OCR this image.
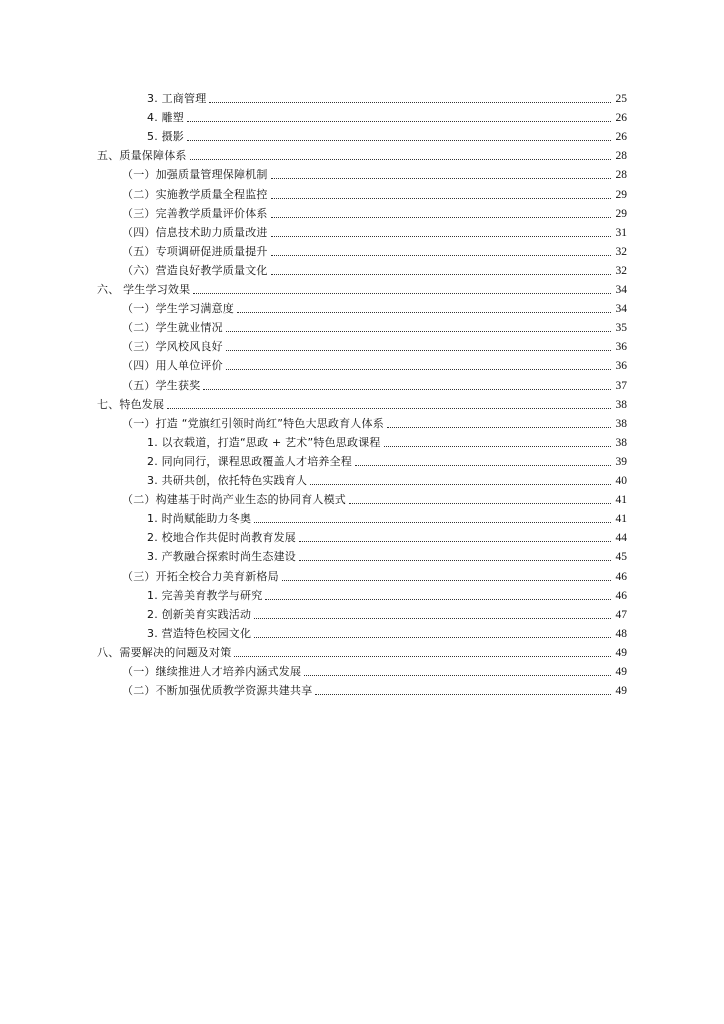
3. 工商管理	25
4. 雕塑	26
5. 摄影	26
五、质量保障体系	28
（一）加强质量管理保障机制	28
（二）实施教学质量全程监控	29
（三）完善教学质量评价体系	29
（四）信息技术助力质量改进	31
（五）专项调研促进质量提升	32
（六）营造良好教学质量文化	32
六、 学生学习效果	34
（一）学生学习满意度	34
（二）学生就业情况	35
（三）学风校风良好	36
（四）用人单位评价	36
（五）学生获奖	37
七、特色发展	38
（一）打造 “党旗红引领时尚红”特色大思政育人体系	38
1. 以衣载道，打造“思政 + 艺术”特色思政课程	38
2. 同向同行，课程思政覆盖人才培养全程	39
3. 共研共创，依托特色实践育人	40
（二）构建基于时尚产业生态的协同育人模式	41
1. 时尚赋能助力冬奥	41
2. 校地合作共促时尚教育发展	44
3. 产教融合探索时尚生态建设	45
（三）开拓全校合力美育新格局	46
1. 完善美育教学与研究	46
2. 创新美育实践活动	47
3. 营造特色校园文化	48
八、需要解决的问题及对策	49
（一）继续推进人才培养内涵式发展	49
（二）不断加强优质教学资源共建共享	49
